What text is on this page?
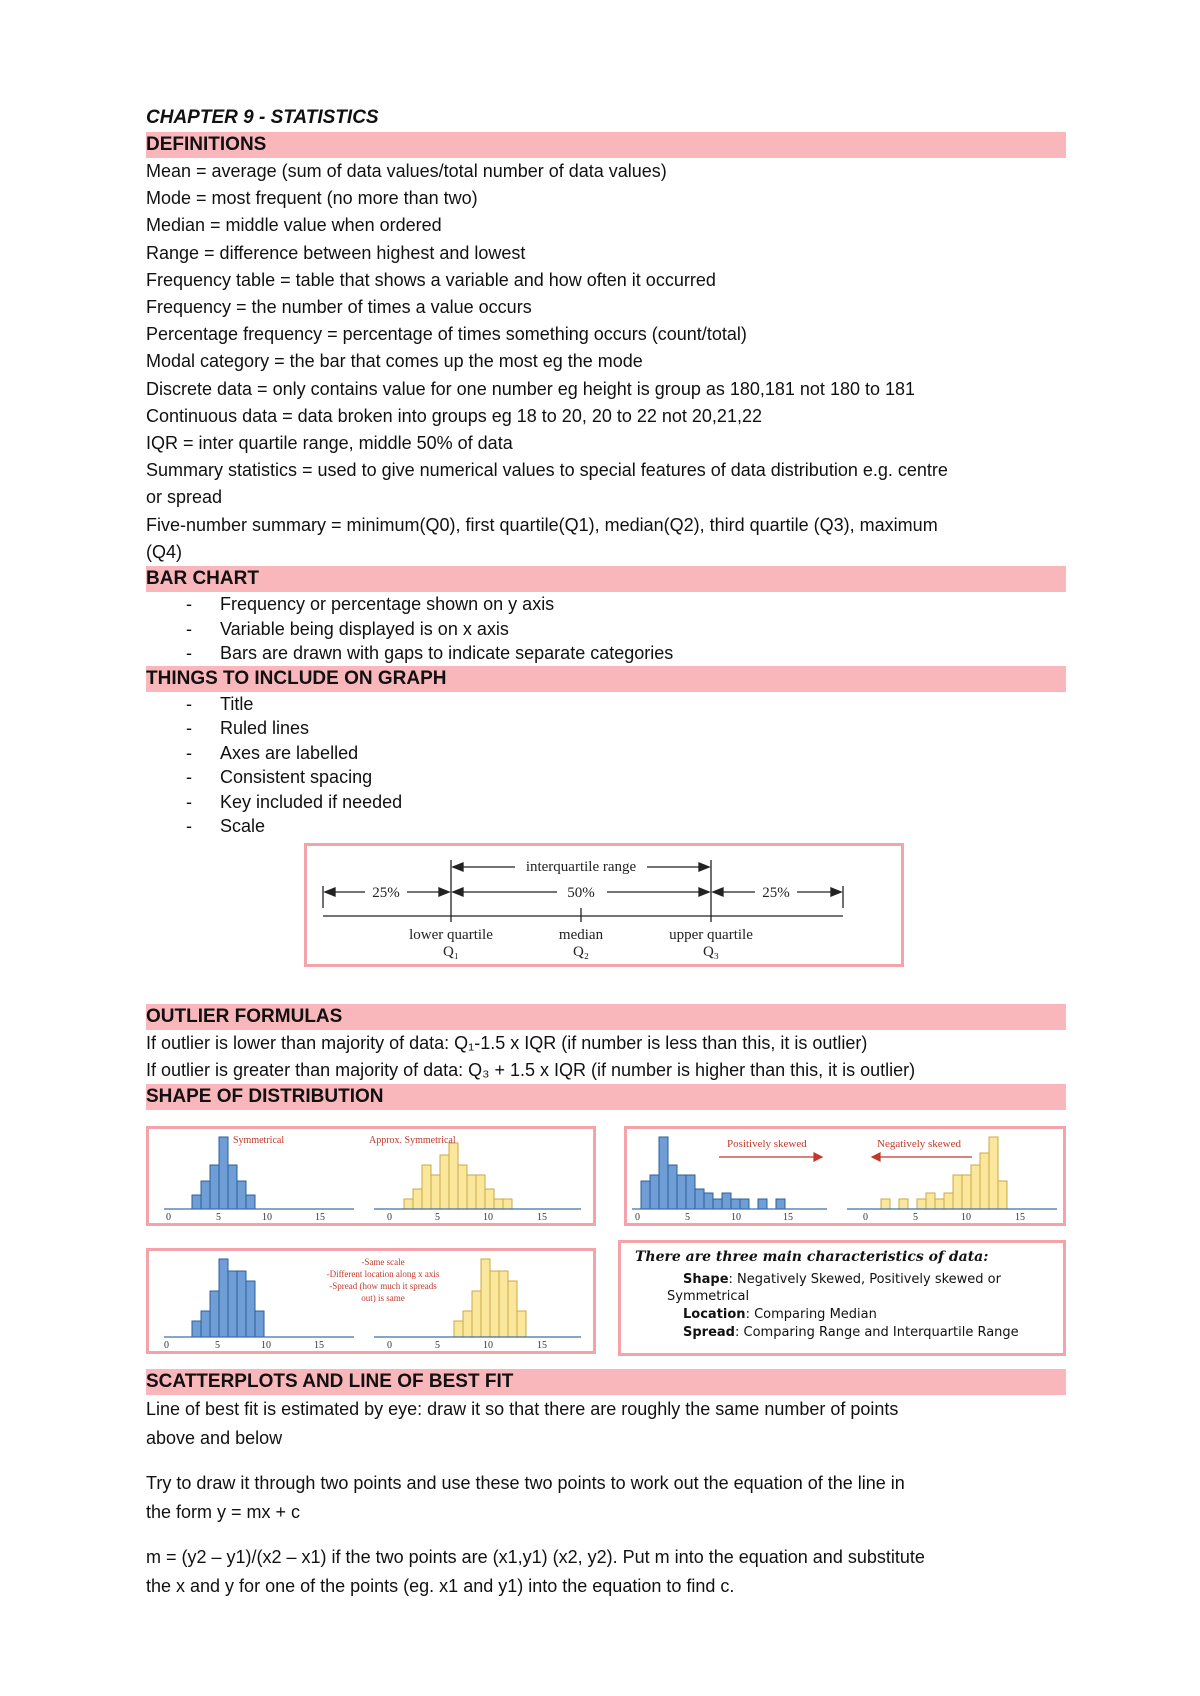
CHAPTER 9 - STATISTICS
DEFINITIONS
Mean = average (sum of data values/total number of data values)
Mode = most frequent (no more than two)
Median = middle value when ordered
Range = difference between highest and lowest
Frequency table = table that shows a variable and how often it occurred
Frequency = the number of times a value occurs
Percentage frequency = percentage of times something occurs (count/total)
Modal category = the bar that comes up the most eg the mode
Discrete data = only contains value for one number eg height is group as 180,181 not 180 to 181
Continuous data = data broken into groups eg 18 to 20, 20 to 22 not 20,21,22
IQR = inter quartile range, middle 50% of data
Summary statistics = used to give numerical values to special features of data distribution e.g. centre
or spread
Five-number summary = minimum(Q0), first quartile(Q1), median(Q2), third quartile (Q3), maximum
(Q4)
BAR CHART
- Frequency or percentage shown on y axis
- Variable being displayed is on x axis
- Bars are drawn with gaps to indicate separate categories
THINGS TO INCLUDE ON GRAPH
- Title
- Ruled lines
- Axes are labelled
- Consistent spacing
- Key included if needed
- Scale
interquartile range
25%	50%	25%
lower quartile	median	upper quartile
Q₁	Q₂	Q₃
OUTLIER FORMULAS
If outlier is lower than majority of data: Q₁-1.5 x IQR (if number is less than this, it is outlier)
If outlier is greater than majority of data: Q₃ + 1.5 x IQR (if number is higher than this, it is outlier)
SHAPE OF DISTRIBUTION
Symmetrical	Approx. Symmetrical
0	5	10	15	0	5	10	15
Positively skewed	Negatively skewed
0	5	10	15	0	5	10	15
-Same scale
-Different location along x axis
-Spread (how much it spreads
out) is same
0	5	10	15	0	5	10	15
There are three main characteristics of data:
Shape: Negatively Skewed, Positively skewed or
Symmetrical
Location: Comparing Median
Spread: Comparing Range and Interquartile Range
SCATTERPLOTS AND LINE OF BEST FIT
Line of best fit is estimated by eye: draw it so that there are roughly the same number of points
above and below
Try to draw it through two points and use these two points to work out the equation of the line in
the form y = mx + c
m = (y2 – y1)/(x2 – x1) if the two points are (x1,y1) (x2, y2). Put m into the equation and substitute
the x and y for one of the points (eg. x1 and y1) into the equation to find c.
